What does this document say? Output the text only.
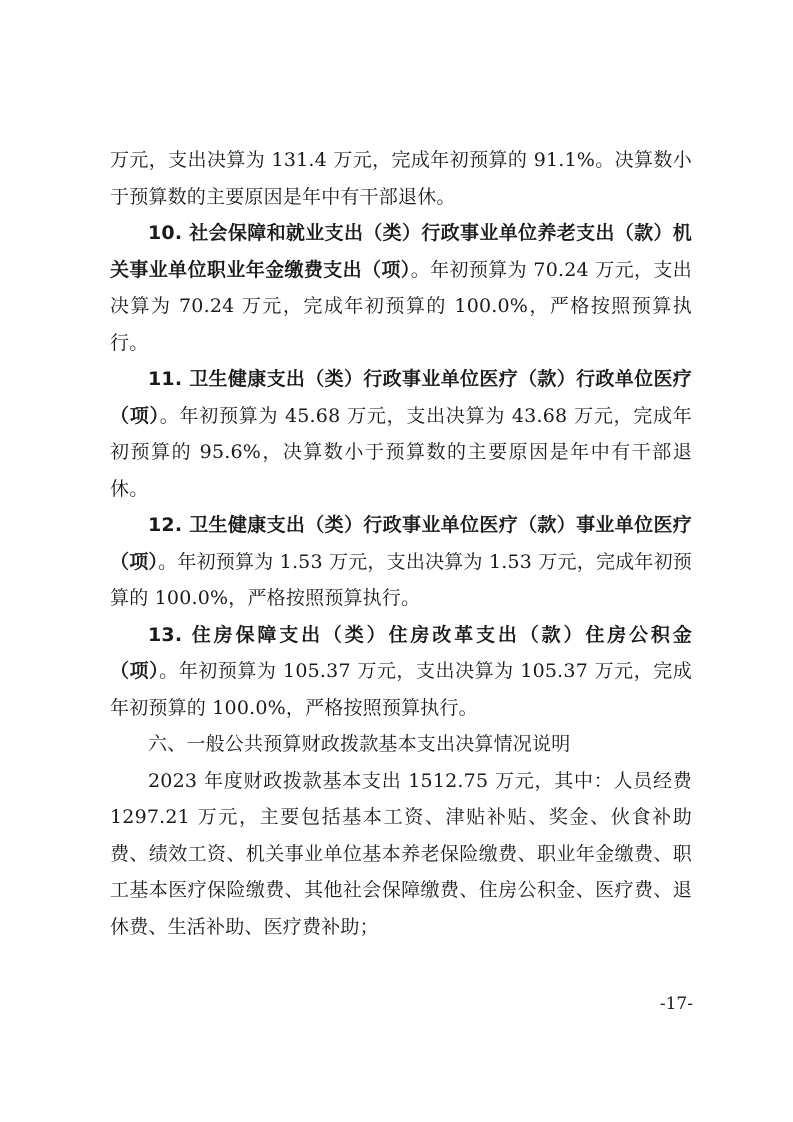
万元，支出决算为 131.4 万元，完成年初预算的 91.1%。决算数小于预算数的主要原因是年中有干部退休。

10. 社会保障和就业支出（类）行政事业单位养老支出（款）机关事业单位职业年金缴费支出（项）。年初预算为 70.24 万元，支出决算为 70.24 万元，完成年初预算的 100.0%，严格按照预算执行。

11. 卫生健康支出（类）行政事业单位医疗（款）行政单位医疗（项）。年初预算为 45.68 万元，支出决算为 43.68 万元，完成年初预算的 95.6%，决算数小于预算数的主要原因是年中有干部退休。

12. 卫生健康支出（类）行政事业单位医疗（款）事业单位医疗（项）。年初预算为 1.53 万元，支出决算为 1.53 万元，完成年初预算的 100.0%，严格按照预算执行。

13. 住房保障支出（类）住房改革支出（款）住房公积金（项）。年初预算为 105.37 万元，支出决算为 105.37 万元，完成年初预算的 100.0%，严格按照预算执行。

六、一般公共预算财政拨款基本支出决算情况说明

2023 年度财政拨款基本支出 1512.75 万元，其中：人员经费 1297.21 万元，主要包括基本工资、津贴补贴、奖金、伙食补助费、绩效工资、机关事业单位基本养老保险缴费、职业年金缴费、职工基本医疗保险缴费、其他社会保障缴费、住房公积金、医疗费、退休费、生活补助、医疗费补助；

-17-
